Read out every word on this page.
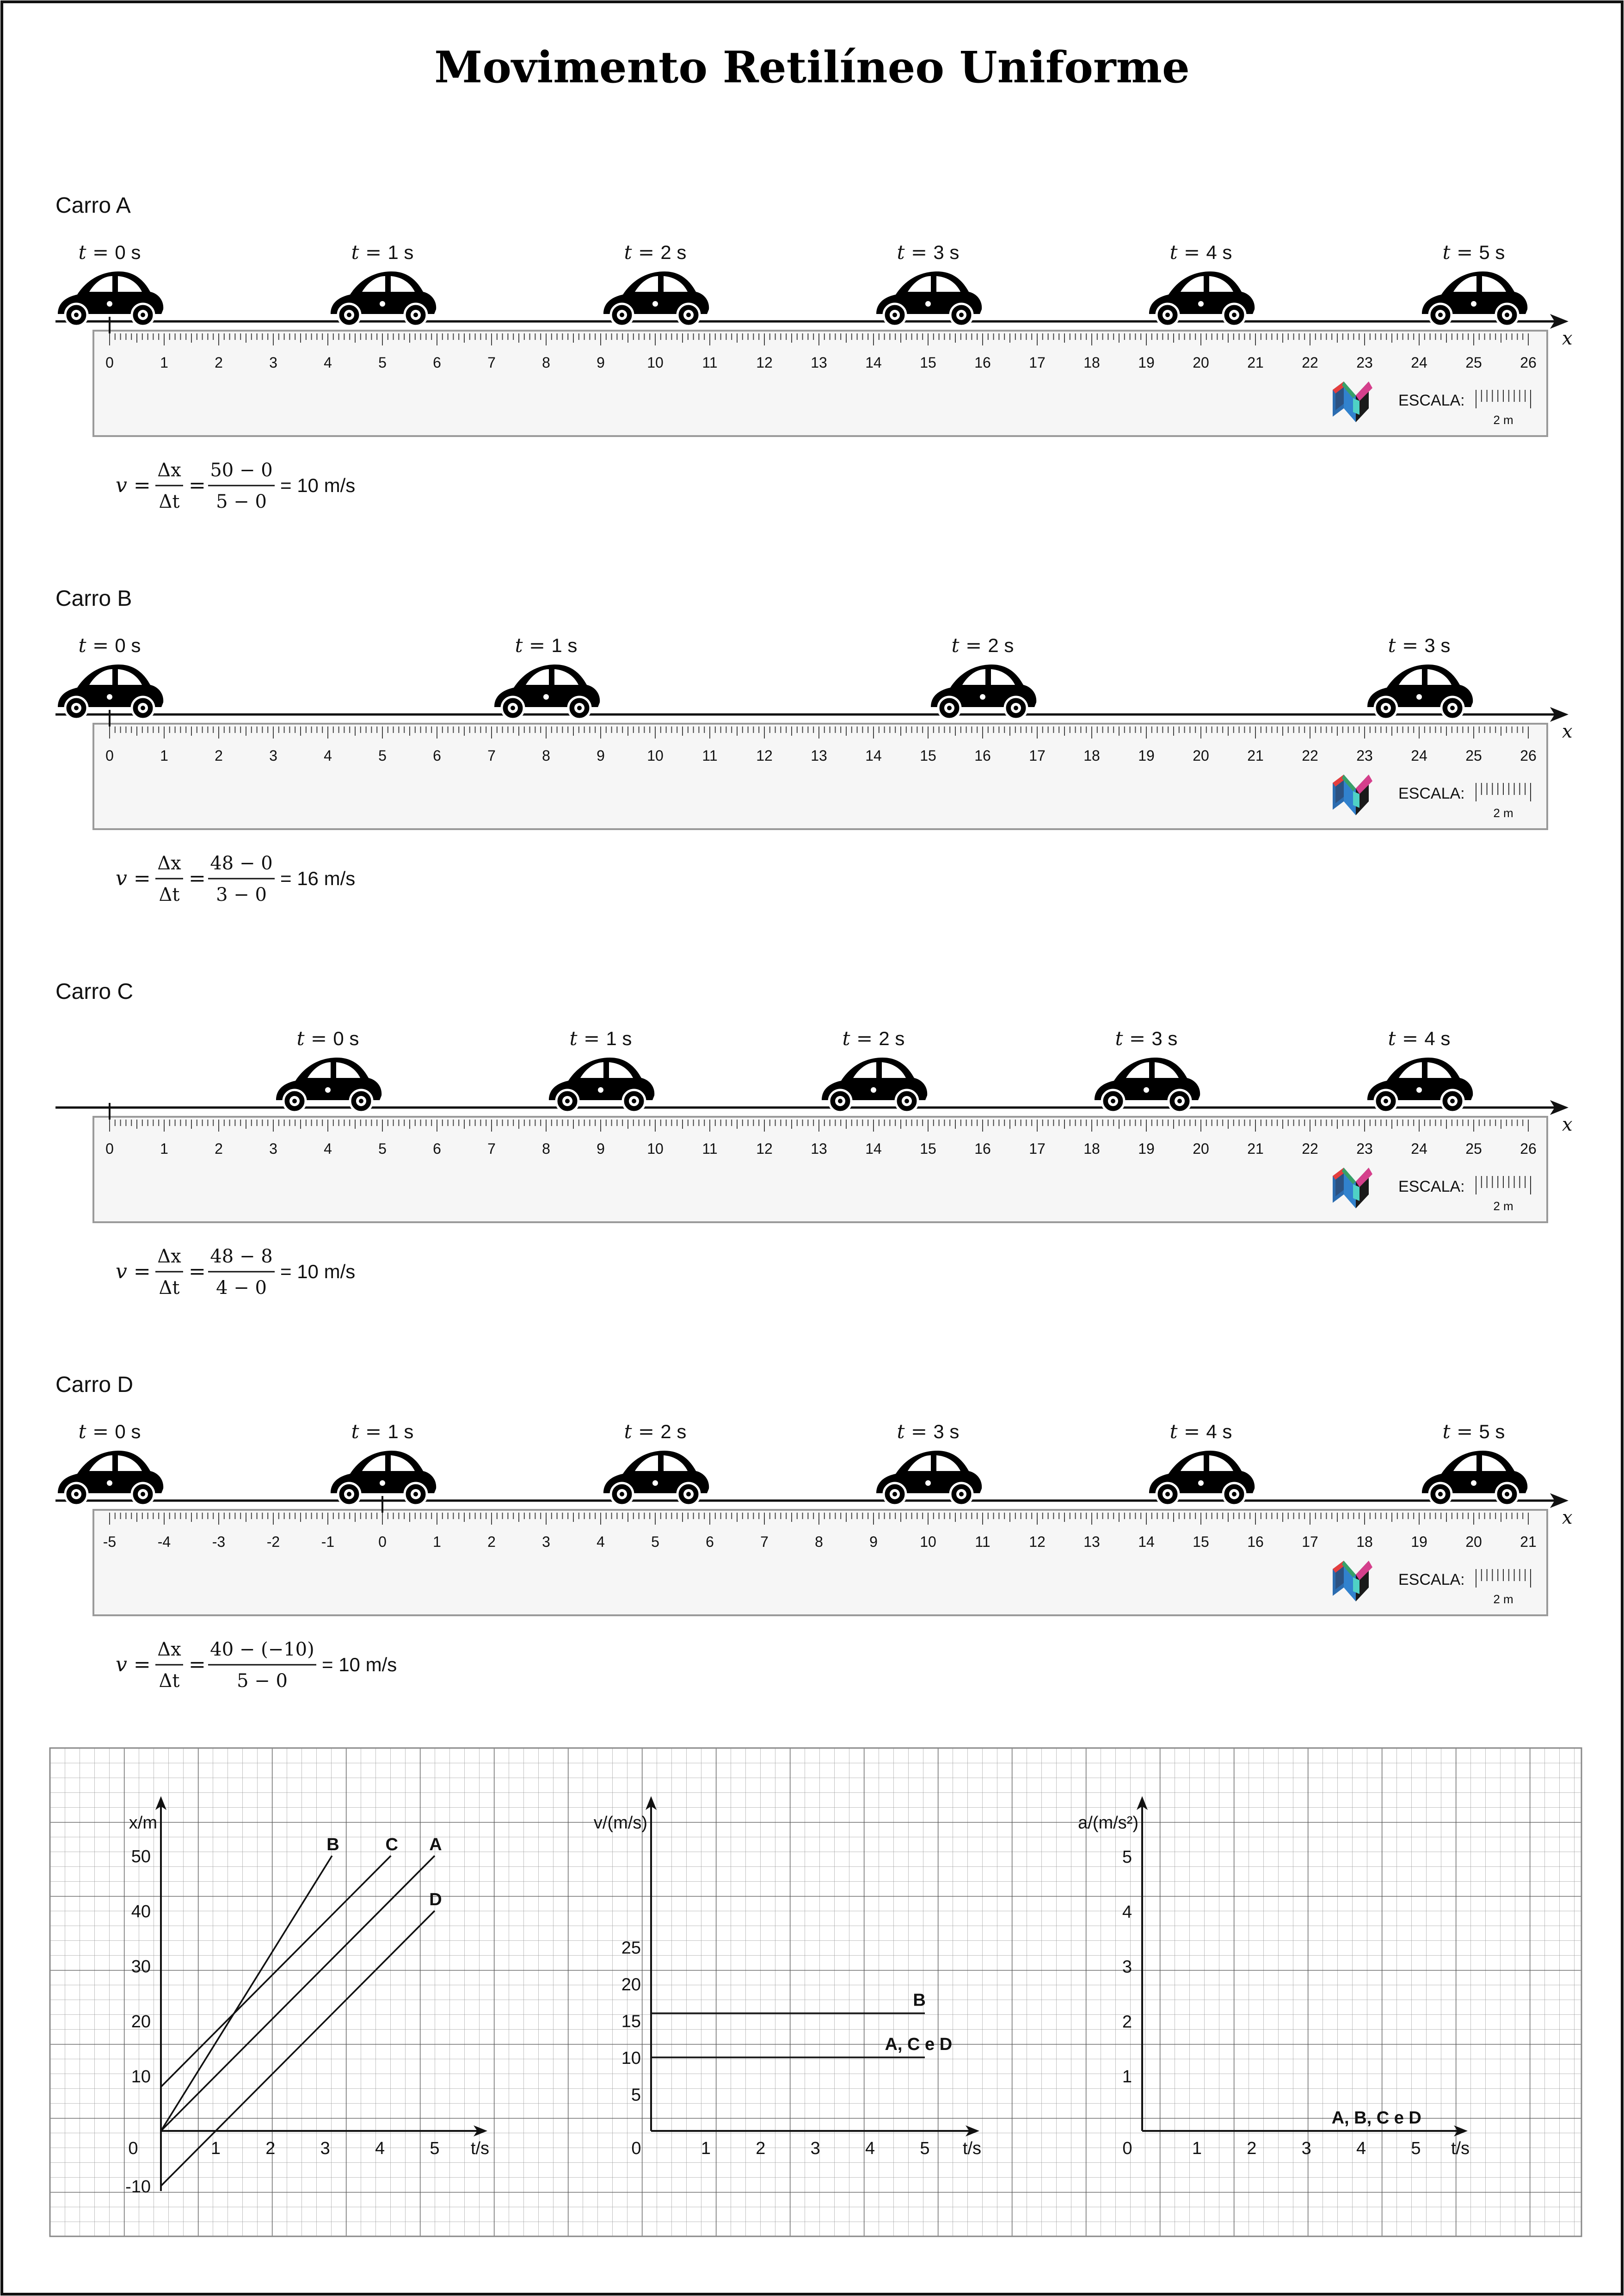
Movimento Retilíneo Uniforme
Carro A
0	1	2	3	4	5	6	7	8	9	10	11	12	13	14	15	16	17	18	19	20	21	22	23	24	25	26
ESCALA:
2 m
x
t = 0 s	t = 1 s	t = 2 s	t = 3 s	t = 4 s	t = 5 s
v =
Δx
Δt
=
50 − 0
5 − 0
= 10 m/s
Carro B
0	1	2	3	4	5	6	7	8	9	10	11	12	13	14	15	16	17	18	19	20	21	22	23	24	25	26
ESCALA:
2 m
x
t = 0 s	t = 1 s	t = 2 s	t = 3 s
v =
Δx
Δt
=
48 − 0
3 − 0
= 16 m/s
Carro C
0	1	2	3	4	5	6	7	8	9	10	11	12	13	14	15	16	17	18	19	20	21	22	23	24	25	26
ESCALA:
2 m
x
t = 0 s	t = 1 s	t = 2 s	t = 3 s	t = 4 s
v =
Δx
Δt
=
48 − 8
4 − 0
= 10 m/s
Carro D
-5	-4	-3	-2	-1	0	1	2	3	4	5	6	7	8	9	10	11	12	13	14	15	16	17	18	19	20	21
ESCALA:
2 m
x
t = 0 s	t = 1 s	t = 2 s	t = 3 s	t = 4 s	t = 5 s
v =
Δx
Δt
=
40 − (−10)
5 − 0
= 10 m/s
x/m
t/s
0	1	2	3	4	5
-10
10
20
30
40
50
A
B	C
D
v/(m/s)
t/s
0	1	2	3	4	5
5
10
15
20
25
B
A, C e D
a/(m/s²)
t/s
0	1	2	3	4	5
1
2
3
4
5
A, B, C e D
